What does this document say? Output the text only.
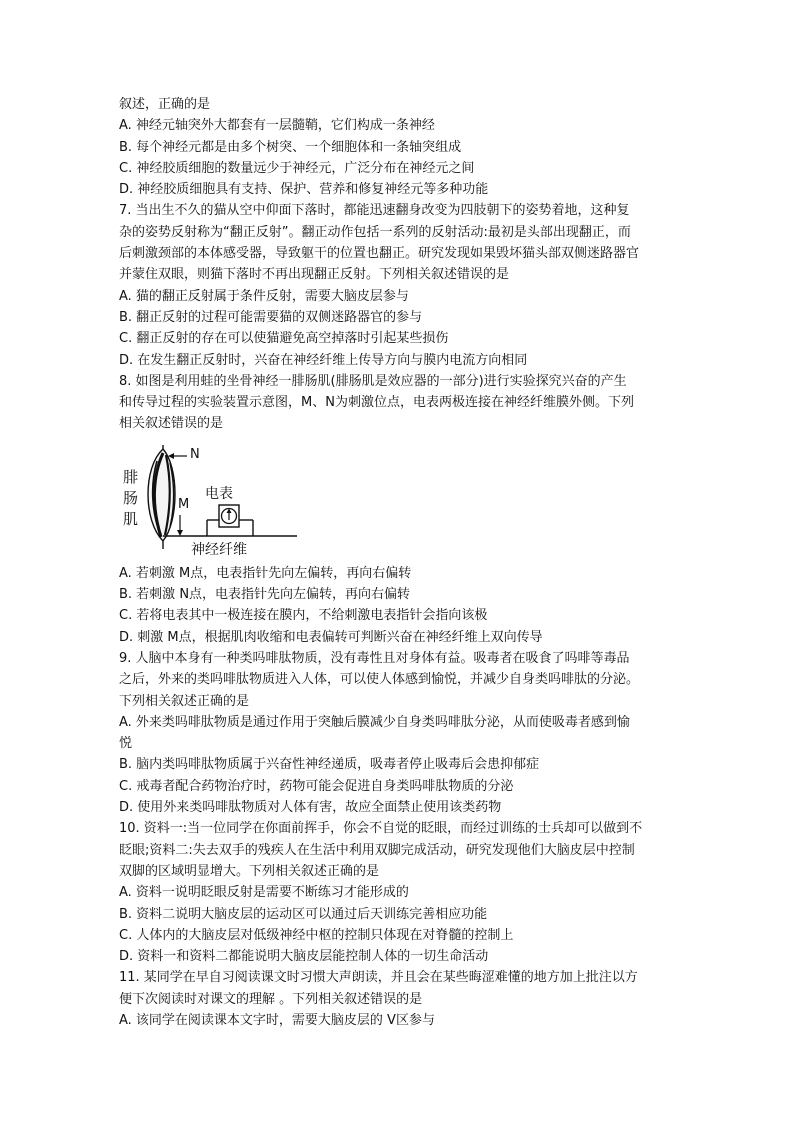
叙述，正确的是
A. 神经元轴突外大都套有一层髓鞘，它们构成一条神经
B. 每个神经元都是由多个树突、一个细胞体和一条轴突组成
C. 神经胶质细胞的数量远少于神经元，广泛分布在神经元之间
D. 神经胶质细胞具有支持、保护、营养和修复神经元等多种功能
7. 当出生不久的猫从空中仰面下落时，都能迅速翻身改变为四肢朝下的姿势着地，这种复
杂的姿势反射称为“翻正反射”。翻正动作包括一系列的反射活动:最初是头部出现翻正，而
后刺激颈部的本体感受器，导致躯干的位置也翻正。研究发现如果毁坏猫头部双侧迷路器官
并蒙住双眼，则猫下落时不再出现翻正反射。下列相关叙述错误的是
A. 猫的翻正反射属于条件反射，需要大脑皮层参与
B. 翻正反射的过程可能需要猫的双侧迷路器官的参与
C. 翻正反射的存在可以使猫避免高空掉落时引起某些损伤
D. 在发生翻正反射时，兴奋在神经纤维上传导方向与膜内电流方向相同
8. 如图是利用蛙的坐骨神经一腓肠肌(腓肠肌是效应器的一部分)进行实验探究兴奋的产生
和传导过程的实验装置示意图，M、N为刺激位点，电表两极连接在神经纤维膜外侧。下列
相关叙述错误的是
腓
肠
肌
N
M
电表
神经纤维
A. 若刺激 M点，电表指针先向左偏转，再向右偏转
B. 若刺激 N点，电表指针先向左偏转，再向右偏转
C. 若将电表其中一极连接在膜内，不给刺激电表指针会指向该极
D. 刺激 M点，根据肌肉收缩和电表偏转可判断兴奋在神经纤维上双向传导
9. 人脑中本身有一种类吗啡肽物质，没有毒性且对身体有益。吸毒者在吸食了吗啡等毒品
之后，外来的类吗啡肽物质进入人体，可以使人体感到愉悦，并减少自身类吗啡肽的分泌。
下列相关叙述正确的是
A. 外来类吗啡肽物质是通过作用于突触后膜减少自身类吗啡肽分泌，从而使吸毒者感到愉
悦
B. 脑内类吗啡肽物质属于兴奋性神经递质，吸毒者停止吸毒后会患抑郁症
C. 戒毒者配合药物治疗时，药物可能会促进自身类吗啡肽物质的分泌
D. 使用外来类吗啡肽物质对人体有害，故应全面禁止使用该类药物
10. 资料一:当一位同学在你面前挥手，你会不自觉的眨眼，而经过训练的士兵却可以做到不
眨眼;资料二:失去双手的残疾人在生活中利用双脚完成活动，研究发现他们大脑皮层中控制
双脚的区域明显增大。下列相关叙述正确的是
A. 资料一说明眨眼反射是需要不断练习才能形成的
B. 资料二说明大脑皮层的运动区可以通过后天训练完善相应功能
C. 人体内的大脑皮层对低级神经中枢的控制只体现在对脊髓的控制上
D. 资料一和资料二都能说明大脑皮层能控制人体的一切生命活动
11. 某同学在早自习阅读课文时习惯大声朗读，并且会在某些晦涩难懂的地方加上批注以方
便下次阅读时对课文的理解 。下列相关叙述错误的是
A. 该同学在阅读课本文字时，需要大脑皮层的 V区参与
